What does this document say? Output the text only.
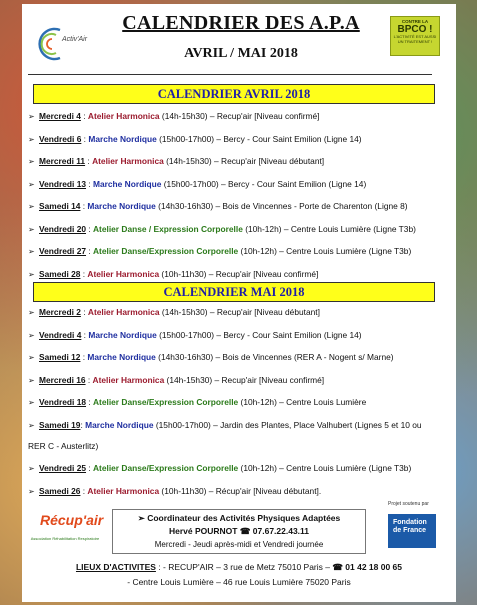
Activ'Air
CALENDRIER DES A.P.A
AVRIL / MAI 2018
CONTRE LA
BPCO !
L'ACTIVITÉ EST AUSSI UN TRAITEMENT !
CALENDRIER AVRIL 2018
➢ Mercredi 4 : Atelier Harmonica (14h-15h30) – Recup'air [Niveau confirmé]
➢ Vendredi 6 : Marche Nordique (15h00-17h00) – Bercy - Cour Saint Emilion (Ligne 14)
➢ Mercredi 11 : Atelier Harmonica (14h-15h30) – Recup'air [Niveau débutant]
➢ Vendredi 13 : Marche Nordique (15h00-17h00) – Bercy - Cour Saint Emilion (Ligne 14)
➢ Samedi 14 : Marche Nordique (14h30-16h30) – Bois de Vincennes - Porte de Charenton (Ligne 8)
➢ Vendredi 20 : Atelier Danse / Expression Corporelle (10h-12h) – Centre Louis Lumière (Ligne T3b)
➢ Vendredi 27 : Atelier Danse/Expression Corporelle (10h-12h) – Centre Louis Lumière (Ligne T3b)
➢ Samedi 28 : Atelier Harmonica (10h-11h30) – Recup'air [Niveau confirmé]
CALENDRIER MAI 2018
➢ Mercredi 2 : Atelier Harmonica (14h-15h30) – Recup'air [Niveau débutant]
➢ Vendredi 4 : Marche Nordique (15h00-17h00) – Bercy - Cour Saint Emilion (Ligne 14)
➢ Samedi 12 : Marche Nordique (14h30-16h30) – Bois de Vincennes (RER A - Nogent s/ Marne)
➢ Mercredi 16 : Atelier Harmonica (14h-15h30) – Recup'air [Niveau confirmé]
➢ Vendredi 18 : Atelier Danse/Expression Corporelle (10h-12h) – Centre Louis Lumière
➢ Samedi 19: Marche Nordique (15h00-17h00) – Jardin des Plantes, Place Valhubert (Lignes 5 et 10 ou
RER C - Austerlitz)
➢ Vendredi 25 : Atelier Danse/Expression Corporelle (10h-12h) – Centre Louis Lumière (Ligne T3b)
➢ Samedi 26 : Atelier Harmonica (10h-11h30) – Récup'air [Niveau débutant].
Récup'air
Association Réhabilitation Respiratoire
➢ Coordinateur des Activités Physiques Adaptées
Hervé POURNOT ☎ 07.67.22.43.11
Mercredi - Jeudi après-midi et Vendredi journée
Projet soutenu par
Fondation de France
LIEUX D'ACTIVITES : - RECUP'AIR – 3 rue de Metz 75010 Paris – ☎ 01 42 18 00 65
- Centre Louis Lumière – 46 rue Louis Lumière 75020 Paris
